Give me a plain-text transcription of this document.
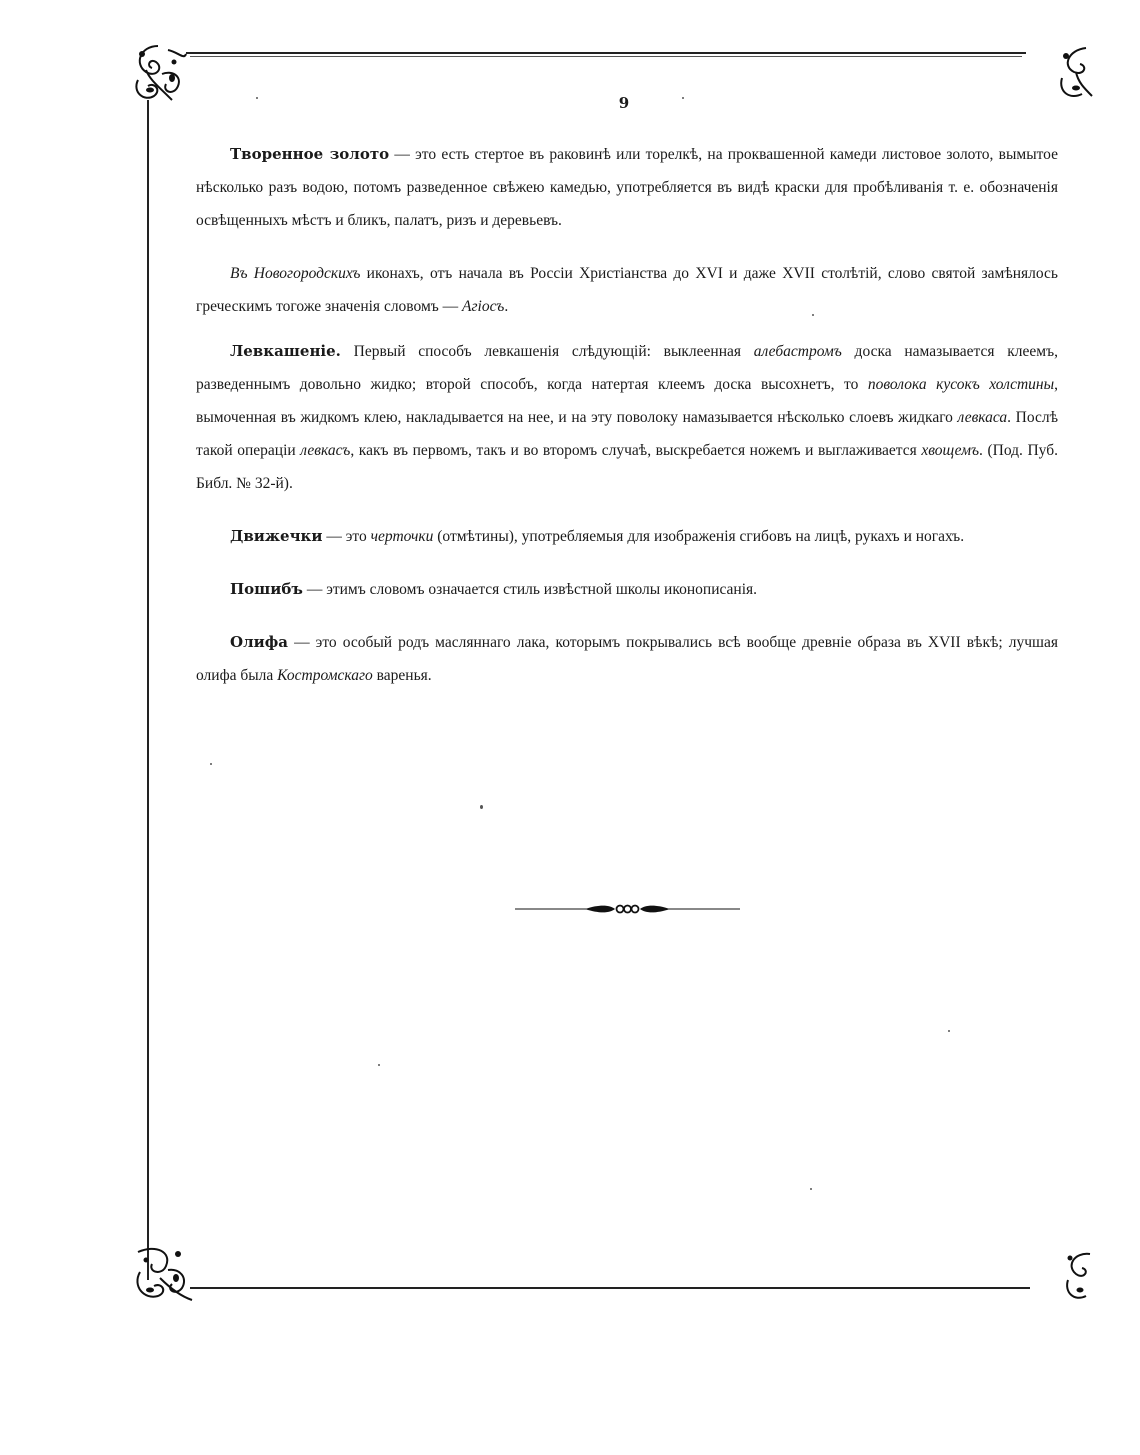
9

Творенное золото — это есть стертое въ раковинѣ или торелкѣ, на проквашенной камеди листовое золото, вымытое нѣсколько разъ водою, потомъ разведенное свѣжею камедью, употребляется въ видѣ краски для пробѣливанія т. е. обозначенія освѣщенныхъ мѣстъ и бликъ, палатъ, ризъ и деревьевъ.

Въ Новогородскихъ иконахъ, отъ начала въ Россіи Христіанства до XVI и даже XVII столѣтій, слово святой замѣнялось греческимъ тогоже значенія словомъ — Агіосъ.

Левкашеніе. Первый способъ левкашенія слѣдующій: выклеенная алебастромъ доска намазывается клеемъ, разведеннымъ довольно жидко; второй способъ, когда натертая клеемъ доска высохнетъ, то поволока кусокъ холстины, вымоченная въ жидкомъ клею, накладывается на нее, и на эту поволоку намазывается нѣсколько слоевъ жидкаго левкаса. Послѣ такой операціи левкасъ, какъ въ первомъ, такъ и во второмъ случаѣ, выскребается ножемъ и выглаживается хвощемъ. (Под. Пуб. Библ. № 32-й).

Движечки — это черточки (отмѣтины), употребляемыя для изображенія сгибовъ на лицѣ, рукахъ и ногахъ.

Пошибъ — этимъ словомъ означается стиль извѣстной школы иконописанія.

Олифа — это особый родъ масляннаго лака, которымъ покрывались всѣ вообще древніе образа въ XVII вѣкѣ; лучшая олифа была Костромскаго варенья.
